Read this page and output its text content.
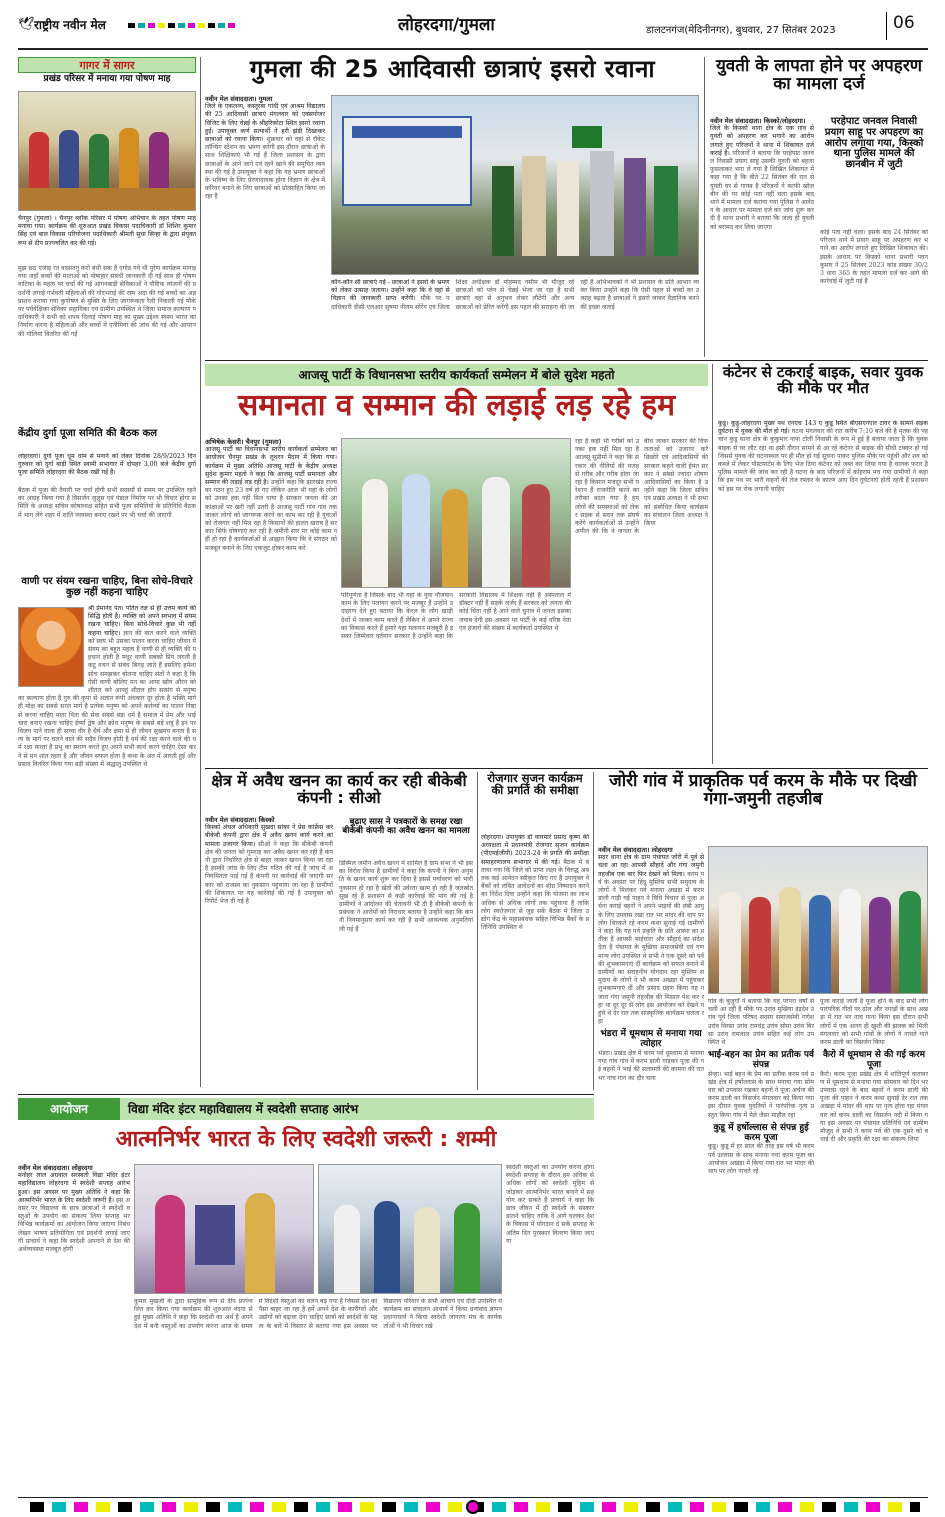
🕊 राष्ट्रीय नवीन मेल	लोहरदगा/गुमला	डालटनगंज(मेदिनीनगर), बुधवार, 27 सितंबर 2023	06
गागर में सागर
प्रखंड परिसर में मनाया गया पोषण माह
चैनपुर (गुमला) । चैनपुर ब्लॉक परिसर में पोषण अभियान के तहत पोषण माह मनाया गया। कार्यक्रम की शुरुआत प्रखंड विकास पदाधिकारी डॉ शिशिर कुमार सिंह एवं बाल विकास परियोजना पदाधिकारी श्रीमती सुधा सिन्हा के द्वारा संयुक्त रूप से दीप प्रज्ज्वलित कर की गई।
मुझ छ्ठ एजाइ रत वदसतनु करो बंधी सक है एगोड गवे थी पुरेण कार्यक्रम मानाइ गया जहाँ बच्चों की माताओं को पोषाहार संबंधी जानकारी दी गई साथ ही पोषण वाटिका के महत्व पर चर्चा की गई आंगनबाड़ी सेविकाओं ने पौष्टिक व्यंजनों की प्रदर्शनी लगाई गर्भवती महिलाओं की गोदभराई की रस्म अदा की गई बच्चों का अन्नप्राशन कराया गया कुपोषण से मुक्ति के लिए जागरूकता रैली निकाली गई मौके पर पर्यवेक्षिका सेविका सहायिका एवं ग्रामीण उपस्थित थे जिला समाज कल्याण पदाधिकारी ने सभी को शपथ दिलाई पोषण माह का मुख्य उद्देश्य स्वस्थ भारत का निर्माण करना है महिलाओं और बच्चों में एनीमिया की जांच की गई और आयरन की गोलियां वितरित की गईं
केंद्रीय दुर्गा पूजा समिति की बैठक कल
लोहरदगा। दुर्गा पूजा धूम धाम से मनाने को लेकर दिनांक 28/9/2023 दिन गुरुवार को दुर्गा बाड़ी स्थित स्वामी सभागार में दोपहर 3.00 बजे केंद्रीय दुर्गा पूजा समिति लोहरदगा की बैठक रखी गई है।
बैठक में पूजा की तैयारी पर चर्चा होगी सभी सदस्यों से समय पर उपस्थित रहने का आग्रह किया गया है विसर्जन जुलूस एवं पंडाल निर्माण पर भी विचार होगा समिति के अध्यक्ष सचिव कोषाध्यक्ष सहित सभी पूजा समितियों के प्रतिनिधि बैठक में भाग लेंगे शहर में शांति व्यवस्था बनाए रखने पर भी चर्चा की जाएगी
वाणी पर संयम रखना चाहिए, बिना सोचे-विचारे कुछ नहीं कहना चाहिए
श्री प्रेमानंद पंत। पतित तज्ञ से ही उत्तम कार्य की सिद्धि होती है। व्यक्ति को अपने स्वभाव में संयम रखना चाहिए। बिना सोचे-विचारे कुछ भी नहीं कहना चाहिए। ज्ञान की बात करने वाले व्यक्ति को स्वयं भी उसका पालन करना चाहिए जीवन में संयम का बहुत महत्व है वाणी से ही व्यक्ति की पहचान होती है मधुर वाणी सबको प्रिय लगती है कटु वचन से संबंध बिगड़ जाते हैं इसलिए हमेशा सोच समझकर बोलना चाहिए संतों ने कहा है कि ऐसी वाणी बोलिए मन का आपा खोय औरन को शीतल करे आपहुं शीतल होय सत्संग से मनुष्य का कल्याण होता है गुरु की कृपा से अज्ञान रूपी अंधकार दूर होता है भक्ति मार्ग ही मोक्ष का सबसे सरल मार्ग है प्रत्येक मनुष्य को अपने कर्तव्यों का पालन निष्ठा से करना चाहिए माता पिता की सेवा सबसे बड़ा धर्म है समाज में प्रेम और भाईचारा बनाए रखना चाहिए ईर्ष्या द्वेष और क्रोध मनुष्य के सबसे बड़े शत्रु हैं इन पर विजय पाने वाला ही सच्चा वीर है धैर्य और क्षमा से ही जीवन सुखमय बनता है सत्य के मार्ग पर चलने वाले की सदैव विजय होती है धर्म की रक्षा करने वाले की धर्म रक्षा करता है प्रभु का स्मरण करते हुए अपने सभी कार्य करने चाहिए ऐसा करने से मन शांत रहता है और जीवन सफल होता है कथा के अंत में आरती हुई और प्रसाद वितरित किया गया बड़ी संख्या में श्रद्धालु उपस्थित थे
गुमला की 25 आदिवासी छात्राएं इसरो रवाना
नवीन मेल संवाददाता। गुमला
जिले के एकलव्य, कस्तूरबा गांधी एवं आश्रम विद्यालय की 25 आदिवासी छात्राएं मंगलवार को एक्सपोजर विजिट के लिए चेन्नई के श्रीहरिकोटा स्थित इसरो रवाना हुईं। उपायुक्त कर्ण सत्यार्थी ने हरी झंडी दिखाकर छात्राओं को रवाना किया। शुक्रवार को वहां से रॉकेट लॉन्चिंग स्टेशन का भ्रमण करेंगी इस दौरान छात्राओं के साथ शिक्षिकाएं भी गई हैं जिला प्रशासन के द्वारा छात्राओं के आने जाने एवं रहने खाने की समुचित व्यवस्था की गई है उपायुक्त ने कहा कि यह भ्रमण छात्राओं के भविष्य के लिए प्रेरणादायक होगा विज्ञान के क्षेत्र में करियर बनाने के लिए छात्राओं को प्रोत्साहित किया जा रहा है
कौन-कौन सी छात्राएं गईं - छात्राओं ने इसरो के भ्रमण को लेकर उत्साह जताया। उन्होंने कहा कि वे वहां से विज्ञान की जानकारी प्राप्त करेंगी। मौके पर पदाधिकारी डीसी एलआर सुषमा नीलम सोरेंग एवं जिला शिक्षा अधीक्षक डॉ मोहम्मद नसीम भी मौजूद रहे छात्राओं को प्लेन से चेन्नई भेजा जा रहा है सभी छात्राएं वहां से अनुभव लेकर लौटेंगी और अन्य छात्राओं को प्रेरित करेंगी इस पहल की सराहना की जा रही है अभिभावकों ने भी प्रशासन के प्रति आभार व्यक्त किया उन्होंने कहा कि ऐसी पहल से बच्चों का उत्साह बढ़ता है छात्राओं ने इसरो जाकर वैज्ञानिक बनने की इच्छा जताई
युवती के लापता होने पर अपहरण का मामला दर्ज
नवीन मेल संवाददाता। किस्को/लोहरदगा।
जिले के किस्को थाना क्षेत्र के एक गांव से युवती को अपहरण कर भगाने का आरोप लगाते हुए परिजनों ने थाना में शिकायत दर्ज कराई है। परिजनों ने बताया कि परहेपाट जनवल निवासी प्रयाग साहू उसकी युवती को बहला फुसलाकर भगा ले गया है लिखित शिकायत में कहा गया है कि बीते 22 सितंबर की रात से युवती घर से गायब है परिजनों ने काफी खोजबीन की पर कोई पता नहीं चला इसके बाद थाने में मामला दर्ज कराया गया पुलिस ने आवेदन के आधार पर मामला दर्ज कर जांच शुरू कर दी है थाना प्रभारी ने बताया कि जल्द ही युवती को बरामद कर लिया जाएगा
परहेपाट जनवल निवासी प्रयाग साहू पर अपहरण का आरोप लगाया गया, किस्को थाना पुलिस मामले की छानबीन में जुटी
कोई पता नहीं चला। इसके बाद 24 सितंबर को परिजन थाने में प्रयाग साहू पर अपहरण कर भगाने का आरोप लगाते हुए लिखित शिकायत की। इसके आधार पर किस्को थाना प्रभारी पवन कुमार ने 25 सितंबर 2023 कांड संख्या 30/23 धारा 365 के तहत मामला दर्ज कर आगे की कार्रवाई में जुटी गई है
आजसू पार्टी के विधानसभा स्तरीय कार्यकर्ता सम्मेलन में बोले सुदेश महतो
समानता व सम्मान की लड़ाई लड़ रहे हम
अभिषेक केसरी। चैनपुर (गुमला)
आजसू पार्टी का विधानसभा स्तरीय कार्यकर्ता सम्मेलन का आयोजन चैनपुर प्रखंड के लूथरन मैदान में किया गया। कार्यक्रम में मुख्य अतिथि आजसू पार्टी के केंद्रीय अध्यक्ष सुदेश कुमार महतो ने कहा कि आजसू पार्टी समानता और सम्मान की लड़ाई लड़ रही है। उन्होंने कहा कि झारखंड राज्य का गठन हुए 23 वर्ष हो गए लेकिन आज भी यहां के लोगों को उनका हक नहीं मिल पाया है सरकार जनता की आकांक्षाओं पर खरी नहीं उतरी है आजसू पार्टी गांव गांव तक जाकर लोगों को जागरूक करने का काम कर रही है युवाओं को रोजगार नहीं मिल रहा है किसानों की हालत खराब है सरकार सिर्फ घोषणाएं कर रही है जमीनी स्तर पर कोई काम नहीं हो रहा है कार्यकर्ताओं से आह्वान किया कि वे संगठन को मजबूत बनाने के लिए एकजुट होकर काम करें
परिपूर्णता है जिसके बाद भी यहां के युवा नौजवान काम के लिए पलायन करने पर मजबूर हैं उन्होंने उदाहरण देते हुए बताया कि केरल के लोग खाड़ी देशों में जाकर काम करते हैं लेकिन वे अपने राज्य का विकास करते हैं हमारे यहां पलायन मजबूरी है इसका जिम्मेवार वर्तमान सरकार है उन्होंने कहा कि सरकारी विद्यालय में शिक्षक नहीं हैं अस्पताल में डॉक्टर नहीं हैं सड़कें जर्जर हैं सरकार को जनता की कोई चिंता नहीं है आने वाले चुनाव में जनता इसका जवाब देगी इस अवसर पर पार्टी के कई वरिष्ठ नेता एवं हजारों की संख्या में कार्यकर्ता उपस्थित थे
रहा है कहीं भी गरीबों को उनका हक नहीं मिल रहा है आजसू सुप्रीमो ने कहा कि सरकार की नीतियों की वजह से गरीब और गरीब होता जा रहा है किसान मजदूर सभी परेशान हैं राजनीति करने का तरीका बदल गया है हम लोगों की समस्याओं को लेकर सड़क से सदन तक संघर्ष करेंगे कार्यकर्ताओं से उन्होंने अपील की कि वे जनता के बीच जाकर सरकार की विफलताओं को उजागर करें छिछोरे एवं आदिवासियों की सरकार कहने वाली हेमंत सरकार ने सबसे ज्यादा शोषण आदिवासियों का किया है उन्होंने कहा कि जिला सचिव एवं प्रखंड अध्यक्ष ने भी सभा को संबोधित किया कार्यक्रम का संचालन जिला अध्यक्ष ने किया
कंटेनर से टकराई बाइक, सवार युवक की मौके पर मौत
कुडू। कुडू-लोहरदगा मुख्य पथ एनएच 143 ए कुडू स्थित बीएसएनएल टावर के सामने सड़क दुर्घटना में युवक की मौत हो गई। घटना मंगलवार की रात करीब 7:10 बजे की है मृतक की पहचान कुडू थाना क्षेत्र के कुकुमार नापा टोली निवासी के रूप में हुई है बताया जाता है कि युवक बाइक से घर लौट रहा था इसी दौरान सामने से आ रहे कंटेनर से बाइक की सीधी टक्कर हो गई जिससे युवक की घटनास्थल पर ही मौत हो गई सूचना पाकर पुलिस मौके पर पहुंची और शव को कब्जे में लेकर पोस्टमार्टम के लिए भेज दिया कंटेनर को जब्त कर लिया गया है चालक फरार है पुलिस मामले की जांच कर रही है घटना के बाद परिजनों में कोहराम मच गया ग्रामीणों ने कहा कि इस पथ पर भारी वाहनों की तेज रफ्तार के कारण आए दिन दुर्घटनाएं होती रहती हैं प्रशासन को इस पर रोक लगानी चाहिए
क्षेत्र में अवैध खनन का कार्य कर रही बीकेबी कंपनी : सीओ
नवीन मेल संवाददाता। किस्को
किस्को अंचल अधिकारी सुखदा सांका ने प्रेस कांफ्रेंस कर बीकेबी कंपनी द्वारा क्षेत्र में अवैध खनन कार्य करने का मामला उजागर किया। सीओ ने कहा कि बीकेबी कंपनी क्षेत्र की जनता को गुमराह कर अवैध खनन कर रही है कंपनी द्वारा निर्धारित क्षेत्र से बाहर जाकर खनन किया जा रहा है इसकी जांच के लिए टीम गठित की गई है जांच में अनियमितता पाई गई है कंपनी पर कार्रवाई की जाएगी सरकार को राजस्व का नुकसान पहुंचाया जा रहा है ग्रामीणों की शिकायत पर यह कार्रवाई की गई है उपायुक्त को रिपोर्ट भेज दी गई है
बुढ़ाए सास ने पत्रकारों के समक्ष रखा बीकेबी कंपनी का अवैध खनन का मामला
डिस्मिल जमीन अवैध खनन में शामिल है ग्राम सभा ने भी इसका विरोध किया है ग्रामीणों ने कहा कि कंपनी ने बिना अनुमति के खनन कार्य शुरू कर दिया है इससे पर्यावरण को भारी नुकसान हो रहा है खेतों की उर्वरता खत्म हो रही है जलस्रोत सूख रहे हैं प्रशासन से कड़ी कार्रवाई की मांग की गई है ग्रामीणों ने आंदोलन की चेतावनी भी दी है बीकेबी कंपनी के प्रबंधक ने आरोपों को निराधार बताया है उन्होंने कहा कि कंपनी नियमानुसार कार्य कर रही है सभी आवश्यक अनुमतियां ली गई हैं
रोजगार सृजन कार्यक्रम की प्रगति की समीक्षा
लोहरदगा। उपायुक्त डॉ वाघमारे प्रसाद कृष्ण की अध्यक्षता में प्रधानमंत्री रोजगार सृजन कार्यक्रम (पीएमईजीपी) 2023-24 के प्रगति की समीक्षा समाहरणालय सभागार में की गई। बैठक में बताया गया कि जिले को प्राप्त लक्ष्य के विरुद्ध अब तक कई आवेदन स्वीकृत किए गए हैं उपायुक्त ने बैंकों को लंबित आवेदनों का शीघ्र निष्पादन करने का निर्देश दिया उन्होंने कहा कि योजना का लाभ अधिक से अधिक लोगों तक पहुंचाना है ताकि लोग स्वरोजगार से जुड़ सकें बैठक में जिला उद्योग केंद्र के महाप्रबंधक सहित विभिन्न बैंकों के प्रतिनिधि उपस्थित थे
जोरी गांव में प्राकृतिक पर्व करम के मौके पर दिखी गंगा-जमुनी तहजीब
नवीन मेल संवाददाता। लोहरदगा
सदर थाना क्षेत्र के ग्राम पंचायत जोरी में पूर्व से चला आ रहा आपसी सौहार्द और गंगा जमुनी तहजीब एक बार फिर देखने को मिला। करम पर्व के अवसर पर हिंदू मुस्लिम सभी समुदाय के लोगों ने मिलकर पर्व मनाया अखड़ा में करम डाली गाड़ी गई पाहन ने विधि विधान से पूजा अर्चना कराई बहनों ने अपने भाइयों की लंबी आयु के लिए उपवास रखा रात भर मांदर की थाप पर लोग थिरकते रहे करम कथा सुनाई गई ग्रामीणों ने कहा कि यह पर्व प्रकृति के प्रति आस्था का प्रतीक है आपसी भाईचारा और सौहार्द का संदेश देता है पंचायत के मुखिया समाजसेवी एवं गणमान्य लोग उपस्थित थे सभी ने एक दूसरे को पर्व की शुभकामनाएं दीं कार्यक्रम को सफल बनाने में ग्रामीणों का सराहनीय योगदान रहा मुस्लिम समुदाय के लोगों ने भी करम अखड़ा में पहुंचकर शुभकामनाएं दीं और प्रसाद ग्रहण किया यह नजारा गंगा जमुनी तहजीब की मिसाल पेश कर रहा था दूर दूर से लोग इस आयोजन को देखने पहुंचे थे देर रात तक सांस्कृतिक कार्यक्रम चलता रहा
भंडरा में धूमधाम से मनाया गया त्योहार
भंडरा। प्रखंड क्षेत्र में करम पर्व धूमधाम से मनाया गया गांव गांव में करम डाली गाड़कर पूजा की गई बहनों ने भाई की सलामती की कामना की रात भर नाच गान का दौर चला
गांव के बुजुर्गों ने बताया कि यह परंपरा वर्षों से चली आ रही है मौके पर उरांव मुखिया इंद्रदेव उरांव पूर्व जिला परिषद सदस्य समाजसेवी गणेश उरांव विरसा उरांव रामचंद्र उरांव सोमा उरांव बिरसा उरांव रामलाल उरांव सहित कई लोग उपस्थित थे
भाई-बहन का प्रेम का प्रतीक पर्व संपन्न
सेन्हा। भाई बहन के प्रेम का प्रतीक करम पर्व प्रखंड क्षेत्र में हर्षोल्लास के साथ मनाया गया सोमवार को उपवास रखकर बहनों ने पूजा अर्चना की करम डाली का विसर्जन मंगलवार को किया गया इस दौरान युवक युवतियों ने पारंपरिक नृत्य प्रस्तुत किया गांव में मेले जैसा माहौल रहा
कुडू में हर्षोल्लास से संपन्न हुई करम पूजा
कुडू। कुडू में हर साल की तरह इस वर्ष भी करम पर्व उल्लास के साथ मनाया गया करम पूजा का आयोजन अखड़ा में किया गया रात भर मांदर की थाप पर लोग नाचते रहे
पूजा कराई जाती है पूजा होने के बाद सभी लोग पारंपरिक गीतों पर ढोल और नगाड़ों के साथ अखड़ा में रात भर नाच गाना किया इस दौरान सभी लोगों में एक अलग ही खुशी की झलक को मिली मंगलवार को सभी गांवों के लोगों ने नाचते गाते करम डाली का विसर्जन किया
कैरो में धूमधाम से की गई करम पूजा
कैरो। करम पूजा प्रखंड क्षेत्र में शांतिपूर्ण वातावरण में धूमधाम से मनाया गया सोमवार को दिन भर उपवास रहने के बाद बहनों ने करम डाली की पूजा की पाहन ने करम कथा सुनाई देर रात तक अखड़ा में मांदर की थाप पर नृत्य होता रहा मंगलवार को करम डाली का विसर्जन नदी में किया गया इस अवसर पर पंचायत प्रतिनिधि एवं ग्रामीण मौजूद थे सभी ने करम पर्व की एक दूसरे को बधाई दी और प्रकृति की रक्षा का संकल्प लिया
आयोजन	विद्या मंदिर इंटर महाविद्यालय में स्वदेशी सप्ताह आरंभ
आत्मनिर्भर भारत के लिए स्वदेशी जरूरी : शम्मी
नवीन मेल संवाददाता। लोहरदगा
मनोहर लाल अग्रवाल सरस्वती विद्या मंदिर इंटर महाविद्यालय लोहरदगा में स्वदेशी सप्ताह आरंभ हुआ। इस अवसर पर मुख्य अतिथि ने कहा कि आत्मनिर्भर भारत के लिए स्वदेशी जरूरी है। इस अवसर पर विद्यालय के छात्र छात्राओं ने स्वदेशी वस्तुओं के उपयोग का संकल्प लिया सप्ताह भर विभिन्न कार्यक्रमों का आयोजन किया जाएगा निबंध लेखन भाषण प्रतियोगिता एवं प्रदर्शनी लगाई जाएगी प्राचार्य ने कहा कि स्वदेशी अपनाने से देश की अर्थव्यवस्था मजबूत होगी
कुमार मुखर्जी के द्वारा सामूहिक रूप से दीप प्रज्ज्वलित कर किया गया कार्यक्रम की शुरुआत वंदना से हुई मुख्य अतिथि ने कहा कि स्वदेशी का अर्थ है अपने देश में बनी वस्तुओं का उपयोग करना आज के समय में विदेशी वस्तुओं का चलन बढ़ गया है जिससे देश का पैसा बाहर जा रहा है हमें अपने देश के कारीगरों और उद्योगों को बढ़ावा देना चाहिए छात्रों को स्वदेशी के महत्व के बारे में विस्तार से बताया गया इस अवसर पर विद्यालय परिवार के सभी आचार्य एवं दीदी उपस्थित थे कार्यक्रम का संचालन आचार्य ने किया धन्यवाद ज्ञापन प्रधानाचार्य ने किया स्वदेशी जागरण मंच के कार्यकर्ताओं ने भी विचार रखे
स्वदेशी वस्तुओं का उपयोग करना होगा स्वदेशी सप्ताह के दौरान हम अधिक से अधिक लोगों को स्वदेशी मुहिम से जोड़कर आत्मनिर्भर भारत बनाने में सहयोग कर सकते हैं प्राचार्य ने कहा कि छात्र जीवन में ही स्वदेशी के संस्कार डालने चाहिए ताकि वे आगे चलकर देश के विकास में योगदान दे सकें सप्ताह के अंतिम दिन पुरस्कार वितरण किया जाएगा
